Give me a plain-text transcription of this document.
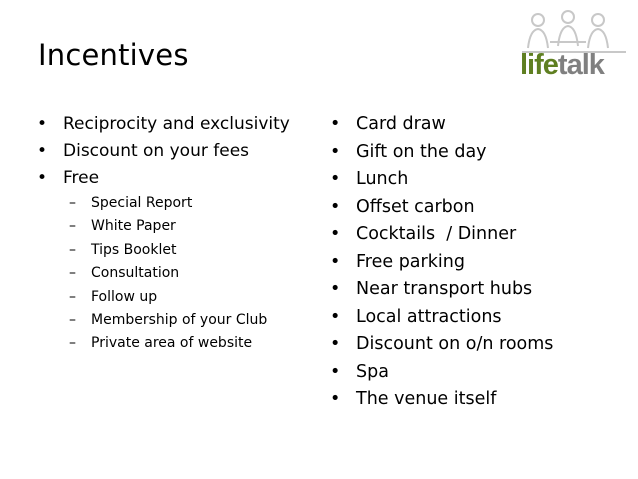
Incentives	lifetalk
• Reciprocity and exclusivity
• Discount on your fees
• Free
– Special Report
– White Paper
– Tips Booklet
– Consultation
– Follow up
– Membership of your Club
– Private area of website
• Card draw
• Gift on the day
• Lunch
• Offset carbon
• Cocktails  / Dinner
• Free parking
• Near transport hubs
• Local attractions
• Discount on o/n rooms
• Spa
• The venue itself
